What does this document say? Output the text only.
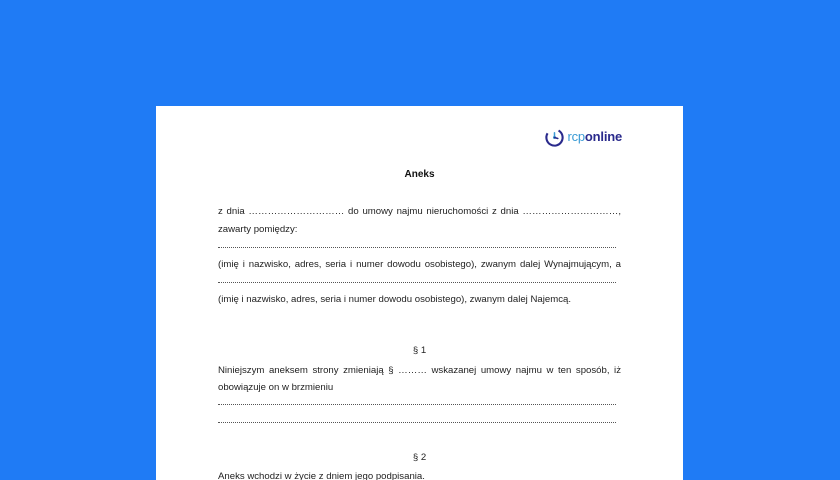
rcponline
Aneks
z dnia ………………………… do umowy najmu nieruchomości z dnia …………………………,
zawarty pomiędzy:
(imię i nazwisko, adres, seria i numer dowodu osobistego), zwanym dalej Wynajmującym, a
(imię i nazwisko, adres, seria i numer dowodu osobistego), zwanym dalej Najemcą.
§ 1
Niniejszym aneksem strony zmieniają § ……… wskazanej umowy najmu w ten sposób, iż
obowiązuje on w brzmieniu
§ 2
Aneks wchodzi w życie z dniem jego podpisania.
